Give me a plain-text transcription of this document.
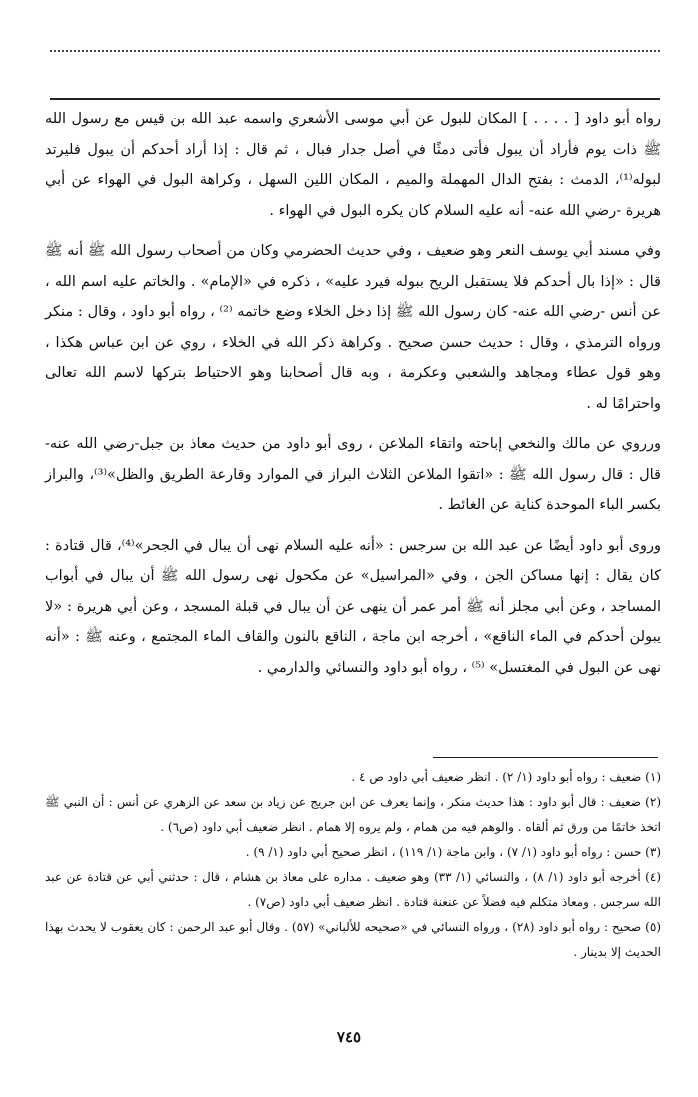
رواه أبو داود [ . . . . ] المكان للبول عن أبي موسى الأشعري واسمه عبد الله بن قيس مع رسول الله ﷺ ذات يوم فأراد أن يبول فأتى دمثًا في أصل جدار فبال ، ثم قال : إذا أراد أحدكم أن يبول فليرتد لبوله⁽¹⁾، الدمث : بفتح الدال المهملة والميم ، المكان اللين السهل ، وكراهة البول في الهواء عن أبي هريرة -رضي الله عنه- أنه عليه السلام كان يكره البول في الهواء .

وفي مسند أبي يوسف النعر وهو ضعيف ، وفي حديث الحضرمي وكان من أصحاب رسول الله ﷺ أنه ﷺ قال : «إذا بال أحدكم فلا يستقبل الريح ببوله فيرد عليه» ، ذكره في «الإمام» . والخاتم عليه اسم الله ، عن أنس -رضي الله عنه- كان رسول الله ﷺ إذا دخل الخلاء وضع خاتمه ⁽²⁾ ، رواه أبو داود ، وقال : منكر ورواه الترمذي ، وقال : حديث حسن صحيح . وكراهة ذكر الله في الخلاء ، روي عن ابن عباس هكذا ، وهو قول عطاء ومجاهد والشعبي وعكرمة ، وبه قال أصحابنا وهو الاحتياط بتركها لاسم الله تعالى واحترامًا له .

ورروي عن مالك والنخعي إباحته واتقاء الملاعن ، روى أبو داود من حديث معاذ بن جبل-رضي الله عنه- قال : قال رسول الله ﷺ : «اتقوا الملاعن الثلاث البراز في الموارد وقارعة الطريق والظل»⁽³⁾، والبراز بكسر الباء الموحدة كناية عن الغائط .

وروى أبو داود أيضًا عن عبد الله بن سرجس : «أنه عليه السلام نهى أن يبال في الجحر»⁽⁴⁾، قال قتادة : كان يقال : إنها مساكن الجن ، وفي «المراسيل» عن مكحول نهى رسول الله ﷺ أن يبال في أبواب المساجد ، وعن أبي مجلز أنه ﷺ أمر عمر أن ينهى عن أن يبال في قبلة المسجد ، وعن أبي هريرة : «لا يبولن أحدكم في الماء الناقع» ، أخرجه ابن ماجة ، الناقع بالنون والقاف الماء المجتمع ، وعنه ﷺ : «أنه نهى عن البول في المغتسل» ⁽⁵⁾ ، رواه أبو داود والنسائي والدارمي .

(١) ضعيف : رواه أبو داود (١/ ٢) . انظر ضعيف أبي داود ص ٤ .

(٢) ضعيف : قال أبو داود : هذا حديث منكر ، وإنما يعرف عن ابن جريج عن زياد بن سعد عن الزهري عن أنس : أن النبي ﷺ اتخذ خاتمًا من ورق ثم ألقاه . والوهم فيه من همام ، ولم يروه إلا همام . انظر ضعيف أبي داود (ص٦) .

(٣) حسن : رواه أبو داود (١/ ٧) ، وابن ماجة (١/ ١١٩) ، انظر صحيح أبي داود (١/ ٩) .

(٤) أخرجه أبو داود (١/ ٨) ، والنسائي (١/ ٣٣) وهو ضعيف . مداره على معاذ بن هشام ، قال : حدثني أبي عن قتادة عن عبد الله سرجس . ومعاذ متكلم فيه فضلاً عن عنعنة قتادة . انظر ضعيف أبي داود (ص٧) .

(٥) صحيح : رواه أبو داود (٢٨) ، ورواه النسائي في «صحيحه للألباني» (٥٧) . وقال أبو عبد الرحمن : كان يعقوب لا يحدث بهذا الحديث إلا بدينار .

٧٤٥
